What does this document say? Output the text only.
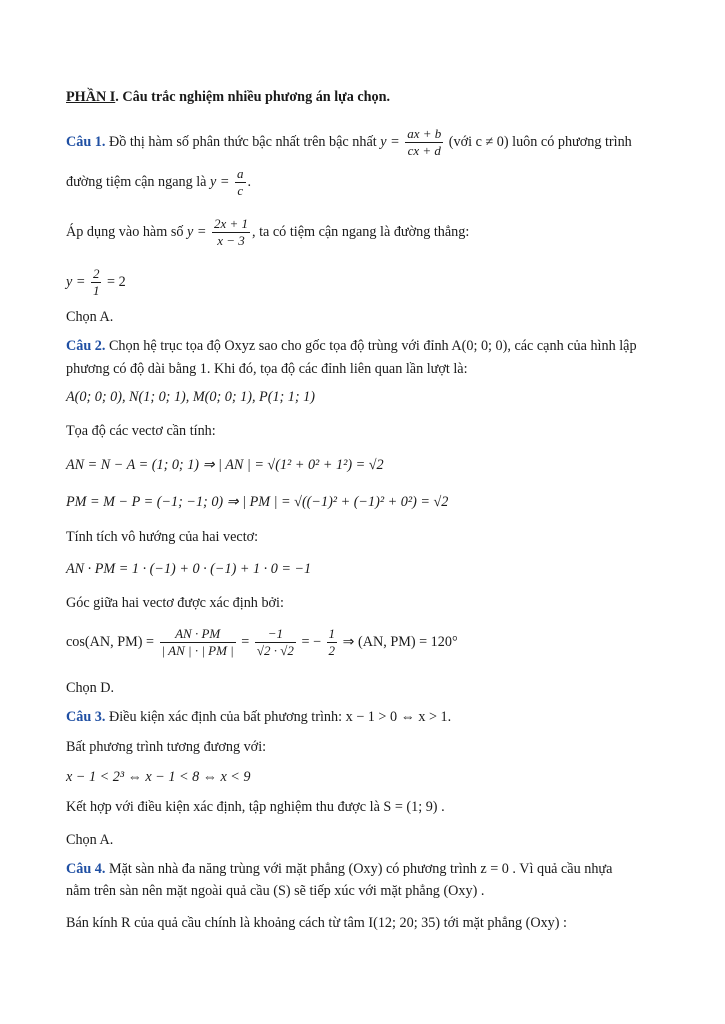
PHẦN I. Câu trắc nghiệm nhiều phương án lựa chọn.
Câu 1. Đồ thị hàm số phân thức bậc nhất trên bậc nhất $y = \frac{ax + b}{cx + d}$ (với c ≠ 0) luôn có phương trình
đường tiệm cận ngang là $y = \frac{a}{c}$ .
Áp dụng vào hàm số $y = \frac{2x + 1}{x - 3}$ , ta có tiệm cận ngang là đường thẳng:
$y = \frac{2}{1} = 2$
Chọn A.
Câu 2. Chọn hệ trục tọa độ Oxyz sao cho gốc tọa độ trùng với đỉnh A(0; 0; 0), các cạnh của hình lập
phương có độ dài bằng 1. Khi đó, tọa độ các đỉnh liên quan lần lượt là:
A(0; 0; 0), N(1; 0; 1), M(0; 0; 1), P(1; 1; 1)
Tọa độ các vectơ cần tính:
AN = N − A = (1; 0; 1) ⇒ | AN | = √(1² + 0² + 1²) = √2
PM = M − P = (−1; −1; 0) ⇒ | PM | = √((−1)² + (−1)² + 0²) = √2
Tính tích vô hướng của hai vectơ:
AN · PM = 1 · (−1) + 0 · (−1) + 1 · 0 = −1
Góc giữa hai vectơ được xác định bởi:
cos(AN, $PM) = \frac{AN \cdot PM}{| AN | \cdot | PM |} = \frac{-1}{√2 \cdot √2}$ = − $\frac{1}{2}$ ⇒ (AN, PM) = 120°
Chọn D.
Câu 3. Điều kiện xác định của bất phương trình: x − 1 > 0 ⇔ x > 1.
Bất phương trình tương đương với:
x − 1 < 2³ ⇔ x − 1 < 8 ⇔ x < 9
Kết hợp với điều kiện xác định, tập nghiệm thu được là S = (1; 9) .
Chọn A.
Câu 4. Mặt sàn nhà đa năng trùng với mặt phẳng (Oxy) có phương trình z = 0 . Vì quả cầu nhựa
nằm trên sàn nên mặt ngoài quả cầu (S) sẽ tiếp xúc với mặt phẳng (Oxy) .
Bán kính R của quả cầu chính là khoảng cách từ tâm I(12; 20; 35) tới mặt phẳng (Oxy) :
